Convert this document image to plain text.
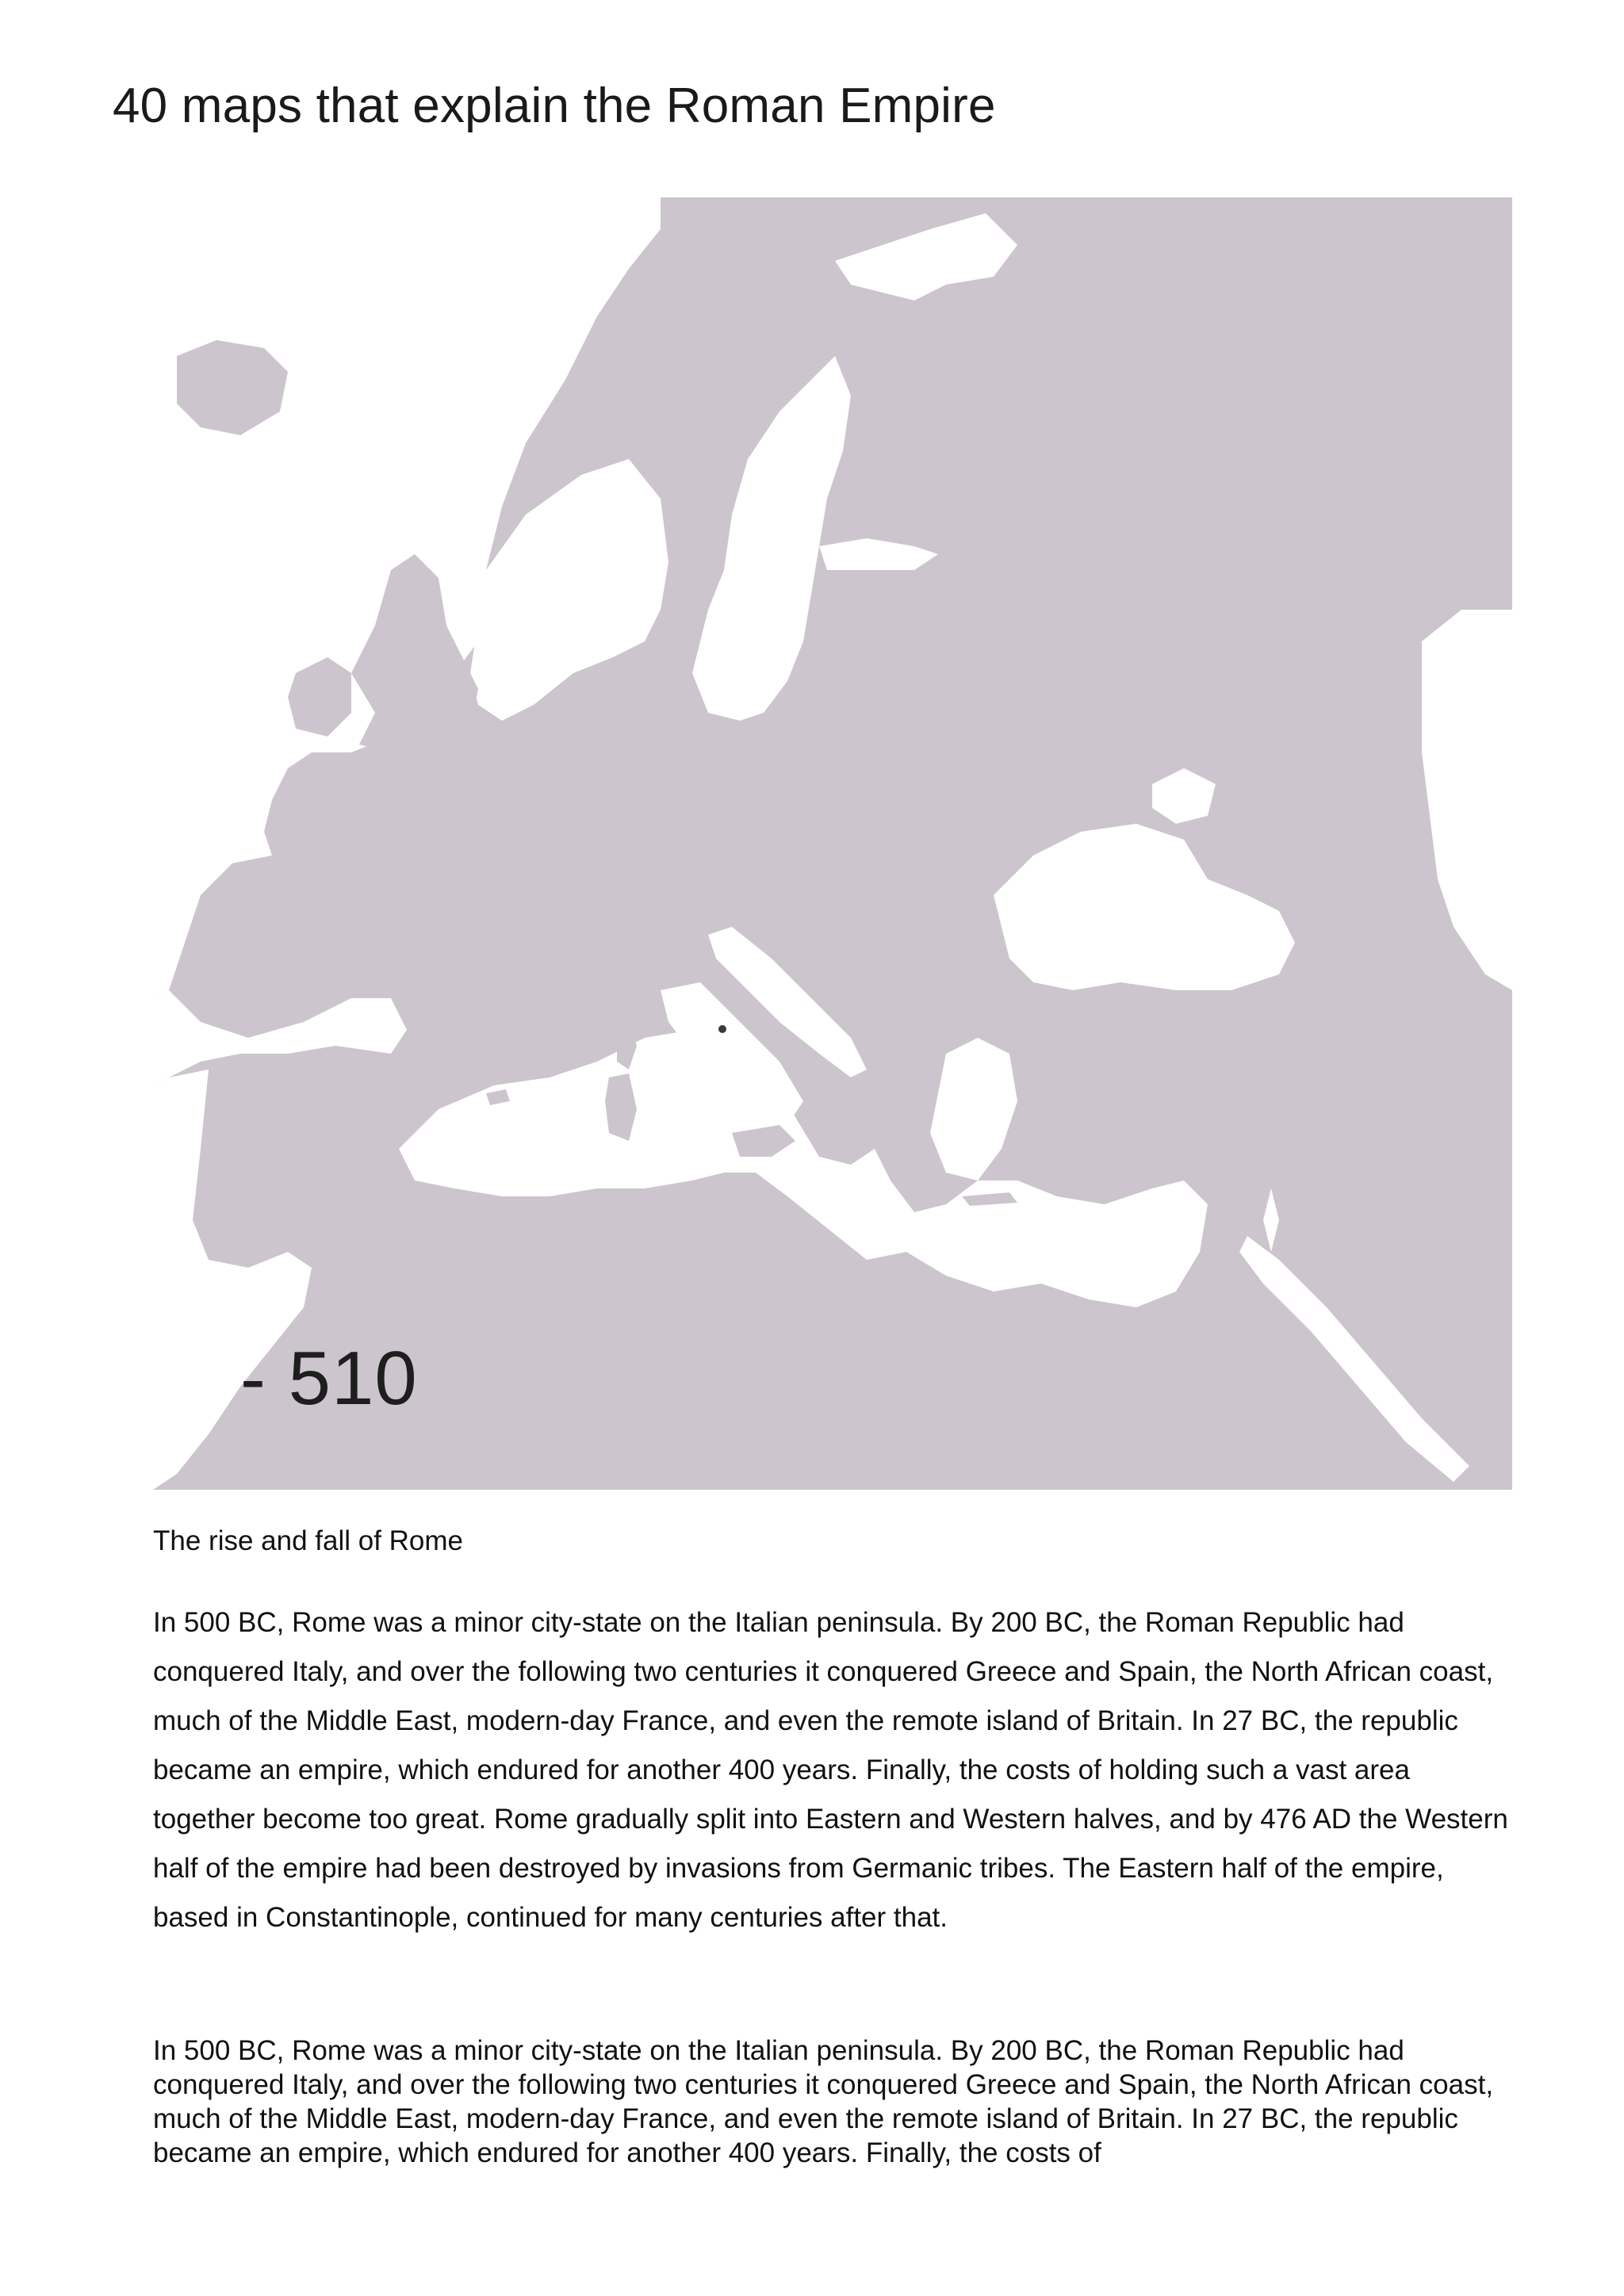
40 maps that explain the Roman Empire
- 510
The rise and fall of Rome

In 500 BC, Rome was a minor city-state on the Italian peninsula. By 200 BC, the Roman Republic had conquered Italy, and over the following two centuries it conquered Greece and Spain, the North African coast, much of the Middle East, modern-day France, and even the remote island of Britain. In 27 BC, the republic became an empire, which endured for another 400 years. Finally, the costs of holding such a vast area together become too great. Rome gradually split into Eastern and Western halves, and by 476 AD the Western half of the empire had been destroyed by invasions from Germanic tribes. The Eastern half of the empire, based in Constantinople, continued for many centuries after that.

In 500 BC, Rome was a minor city-state on the Italian peninsula. By 200 BC, the Roman Republic had conquered Italy, and over the following two centuries it conquered Greece and Spain, the North African coast, much of the Middle East, modern-day France, and even the remote island of Britain. In 27 BC, the republic became an empire, which endured for another 400 years. Finally, the costs of
